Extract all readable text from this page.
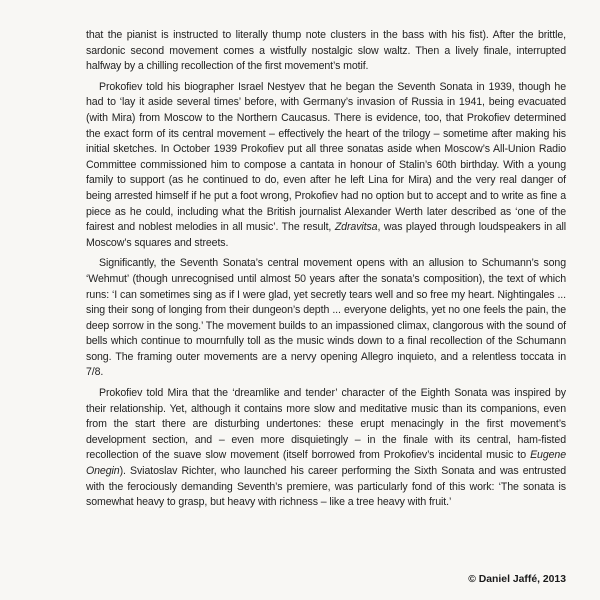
that the pianist is instructed to literally thump note clusters in the bass with his fist). After the brittle, sardonic second movement comes a wistfully nostalgic slow waltz. Then a lively finale, interrupted halfway by a chilling recollection of the first movement’s motif.

Prokofiev told his biographer Israel Nestyev that he began the Seventh Sonata in 1939, though he had to ‘lay it aside several times’ before, with Germany’s invasion of Russia in 1941, being evacuated (with Mira) from Moscow to the Northern Caucasus. There is evidence, too, that Prokofiev determined the exact form of its central movement – effectively the heart of the trilogy – sometime after making his initial sketches. In October 1939 Prokofiev put all three sonatas aside when Moscow’s All-Union Radio Committee commissioned him to compose a cantata in honour of Stalin’s 60th birthday. With a young family to support (as he continued to do, even after he left Lina for Mira) and the very real danger of being arrested himself if he put a foot wrong, Prokofiev had no option but to accept and to write as fine a piece as he could, including what the British journalist Alexander Werth later described as ‘one of the fairest and noblest melodies in all music’. The result, Zdravitsa, was played through loudspeakers in all Moscow’s squares and streets.

Significantly, the Seventh Sonata’s central movement opens with an allusion to Schumann’s song ‘Wehmut’ (though unrecognised until almost 50 years after the sonata’s composition), the text of which runs: ‘I can sometimes sing as if I were glad, yet secretly tears well and so free my heart. Nightingales ... sing their song of longing from their dungeon’s depth ... everyone delights, yet no one feels the pain, the deep sorrow in the song.’ The movement builds to an impassioned climax, clangorous with the sound of bells which continue to mournfully toll as the music winds down to a final recollection of the Schumann song. The framing outer movements are a nervy opening Allegro inquieto, and a relentless toccata in 7/8.

Prokofiev told Mira that the ‘dreamlike and tender’ character of the Eighth Sonata was inspired by their relationship. Yet, although it contains more slow and meditative music than its companions, even from the start there are disturbing undertones: these erupt menacingly in the first movement’s development section, and – even more disquietingly – in the finale with its central, ham-fisted recollection of the suave slow movement (itself borrowed from Prokofiev’s incidental music to Eugene Onegin). Sviatoslav Richter, who launched his career performing the Sixth Sonata and was entrusted with the ferociously demanding Seventh’s premiere, was particularly fond of this work: ‘The sonata is somewhat heavy to grasp, but heavy with richness – like a tree heavy with fruit.’

© Daniel Jaffé, 2013
